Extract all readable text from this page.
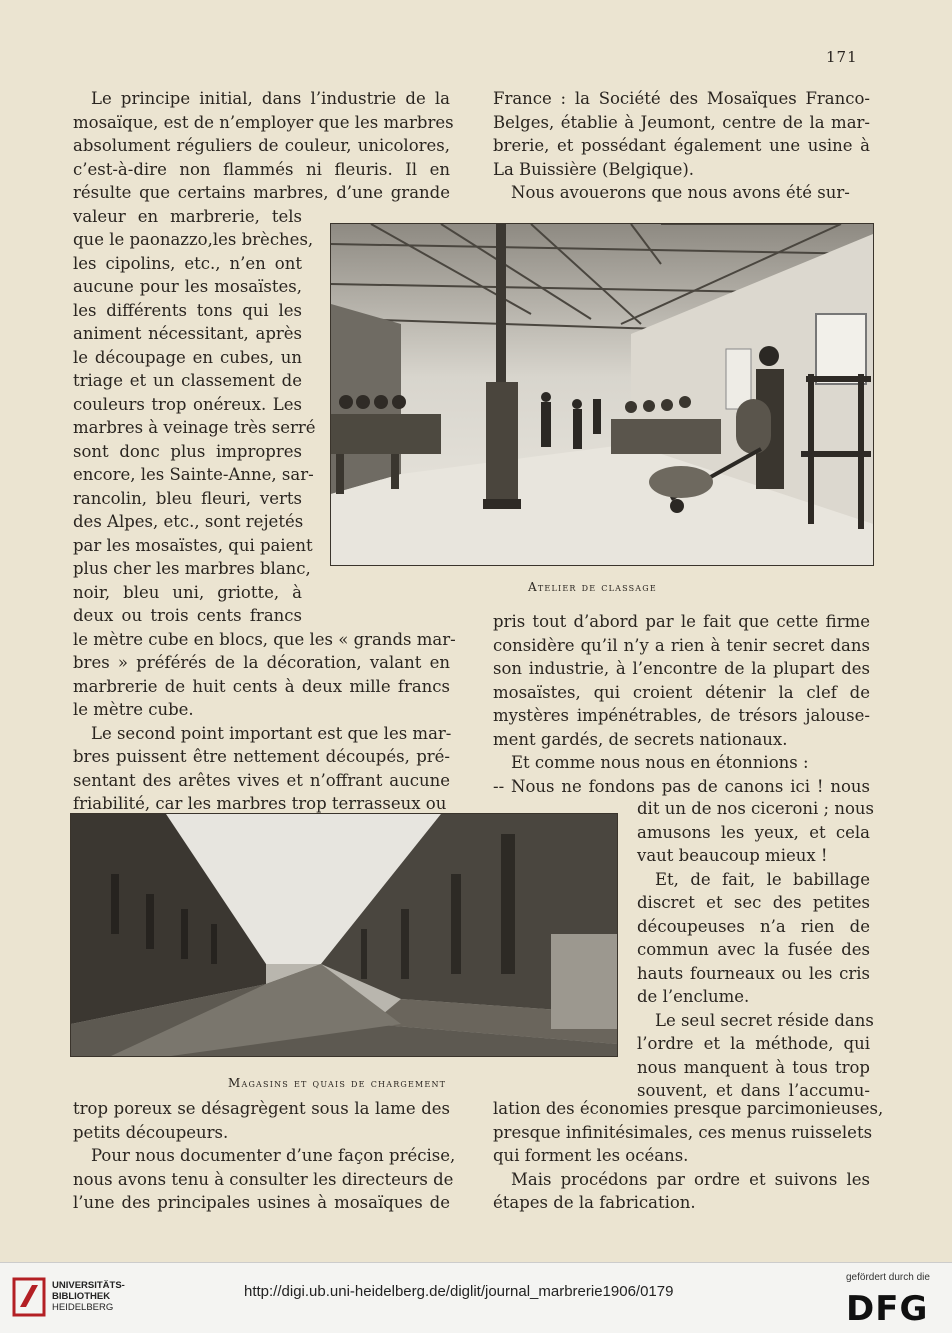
171
Le principe initial, dans l’industrie de la
mosaïque, est de n’employer que les marbres
absolument réguliers de couleur, unicolores,
c’est-à-dire non flammés ni fleuris. Il en
résulte que certains marbres, d’une grande
valeur en marbrerie, tels
que le paonazzo,les brèches,
les cipolins, etc., n’en ont
aucune pour les mosaïstes,
les différents tons qui les
animent nécessitant, après
le découpage en cubes, un
triage et un classement de
couleurs trop onéreux. Les
marbres à veinage très serré
sont donc plus impropres
encore, les Sainte-Anne, sar-
rancolin, bleu fleuri, verts
des Alpes, etc., sont rejetés
par les mosaïstes, qui paient
plus cher les marbres blanc,
noir, bleu uni, griotte, à
deux ou trois cents francs
le mètre cube en blocs, que les « grands mar-
bres » préférés de la décoration, valant en
marbrerie de huit cents à deux mille francs
le mètre cube.
Le second point important est que les mar-
bres puissent être nettement découpés, pré-
sentant des arêtes vives et n’offrant aucune
friabilité, car les marbres trop terrasseux ou
France : la Société des Mosaïques Franco-
Belges, établie à Jeumont, centre de la mar-
brerie, et possédant également une usine à
La Buissière (Belgique).
Nous avouerons que nous avons été sur-
Atelier de classage
pris tout d’abord par le fait que cette firme
considère qu’il n’y a rien à tenir secret dans
son industrie, à l’encontre de la plupart des
mosaïstes, qui croient détenir la clef de
mystères impénétrables, de trésors jalouse-
ment gardés, de secrets nationaux.
Et comme nous nous en étonnions :
-- Nous ne fondons pas de canons ici ! nous
dit un de nos ciceroni ; nous
amusons les yeux, et cela
vaut beaucoup mieux !
Et, de fait, le babillage
discret et sec des petites
découpeuses n’a rien de
commun avec la fusée des
hauts fourneaux ou les cris
de l’enclume.
Le seul secret réside dans
l’ordre et la méthode, qui
nous manquent à tous trop
souvent, et dans l’accumu-
Magasins et quais de chargement
trop poreux se désagrègent sous la lame des
petits découpeurs.
Pour nous documenter d’une façon précise,
nous avons tenu à consulter les directeurs de
l’une des principales usines à mosaïques de
lation des économies presque parcimonieuses,
presque infinitésimales, ces menus ruisselets
qui forment les océans.
Mais procédons par ordre et suivons les
étapes de la fabrication.
UNIVERSITÄTS-
BIBLIOTHEK
HEIDELBERG
http://digi.ub.uni-heidelberg.de/diglit/journal_marbrerie1906/0179
gefördert durch die
DFG
